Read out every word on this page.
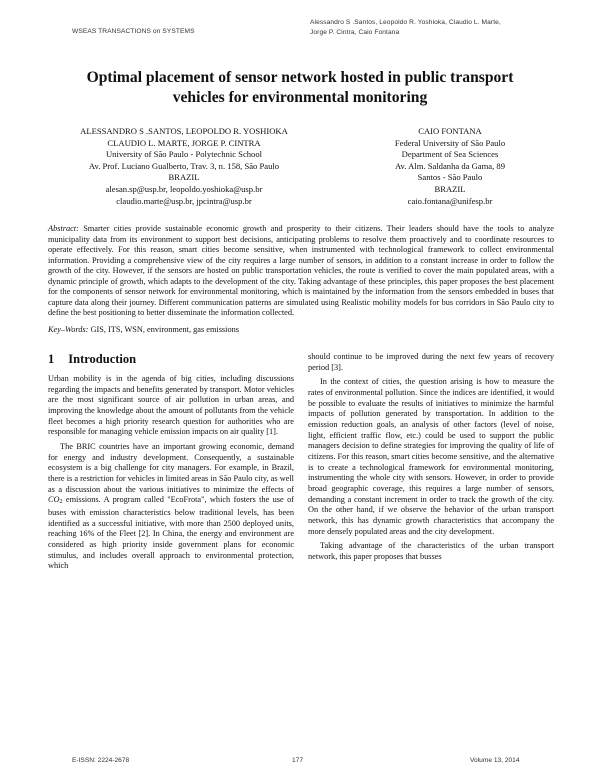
WSEAS TRANSACTIONS on SYSTEMS
Alessandro S .Santos, Leopoldo R. Yoshioka, Claudio L. Marte,
Jorge P. Cintra, Caio Fontana
Optimal placement of sensor network hosted in public transport
vehicles for environmental monitoring
ALESSANDRO S .SANTOS, LEOPOLDO R. YOSHIOKA
CLAUDIO L. MARTE, JORGE P. CINTRA
University of São Paulo - Polytechnic School
Av. Prof. Luciano Gualberto, Trav. 3, n. 158, São Paulo
BRAZIL
alesan.sp@usp.br, leopoldo.yoshioka@usp.br
claudio.marte@usp.br, jpcintra@usp.br
CAIO FONTANA
Federal University of São Paulo
Department of Sea Sciences
Av. Alm. Saldanha da Gama, 89
Santos - São Paulo
BRAZIL
caio.fontana@unifesp.br
Abstract: Smarter cities provide sustainable economic growth and prosperity to their citizens. Their leaders should have the tools to analyze municipality data from its environment to support best decisions, anticipating problems to resolve them proactively and to coordinate resources to operate effectively. For this reason, smart cities become sensitive, when instrumented with technological framework to collect environmental information. Providing a comprehensive view of the city requires a large number of sensors, in addition to a constant increase in order to follow the growth of the city. However, if the sensors are hosted on public transportation vehicles, the route is verified to cover the main populated areas, with a dynamic principle of growth, which adapts to the development of the city. Taking advantage of these principles, this paper proposes the best placement for the components of sensor network for environmental monitoring, which is maintained by the information from the sensors embedded in buses that capture data along their journey. Different communication patterns are simulated using Realistic mobility models for bus corridors in São Paulo city to define the best positioning to better disseminate the information collected.
Key–Words: GIS, ITS, WSN, environment, gas emissions
1 Introduction

Urban mobility is in the agenda of big cities, including discussions regarding the impacts and benefits generated by transport. Motor vehicles are the most significant source of air pollution in urban areas, and improving the knowledge about the amount of pollutants from the vehicle fleet becomes a high priority research question for authorities who are responsible for managing vehicle emission impacts on air quality [1].

The BRIC countries have an important growing economic, demand for energy and industry development. Consequently, a sustainable ecosystem is a big challenge for city managers. For example, in Brazil, there is a restriction for vehicles in limited areas in São Paulo city, as well as a discussion about the various initiatives to minimize the effects of CO2 emissions. A program called "EcoFrota", which fosters the use of buses with emission characteristics below traditional levels, has been identified as a successful initiative, with more than 2500 deployed units, reaching 16% of the Fleet [2]. In China, the energy and environment are considered as high priority inside government plans for economic stimulus, and includes overall approach to environmental protection, which

should continue to be improved during the next few years of recovery period [3].

In the context of cities, the question arising is how to measure the rates of environmental pollution. Since the indices are identified, it would be possible to evaluate the results of initiatives to minimize the harmful impacts of pollution generated by transportation. In addition to the emission reduction goals, an analysis of other factors (level of noise, light, efficient traffic flow, etc.) could be used to support the public managers decision to define strategies for improving the quality of life of citizens. For this reason, smart cities become sensitive, and the alternative is to create a technological framework for environmental monitoring, instrumenting the whole city with sensors. However, in order to provide broad geographic coverage, this requires a large number of sensors, demanding a constant increment in order to track the growth of the city. On the other hand, if we observe the behavior of the urban transport network, this has dynamic growth characteristics that accompany the more densely populated areas and the city development.

Taking advantage of the characteristics of the urban transport network, this paper proposes that busses

E-ISSN: 2224-2678	177	Volume 13, 2014
